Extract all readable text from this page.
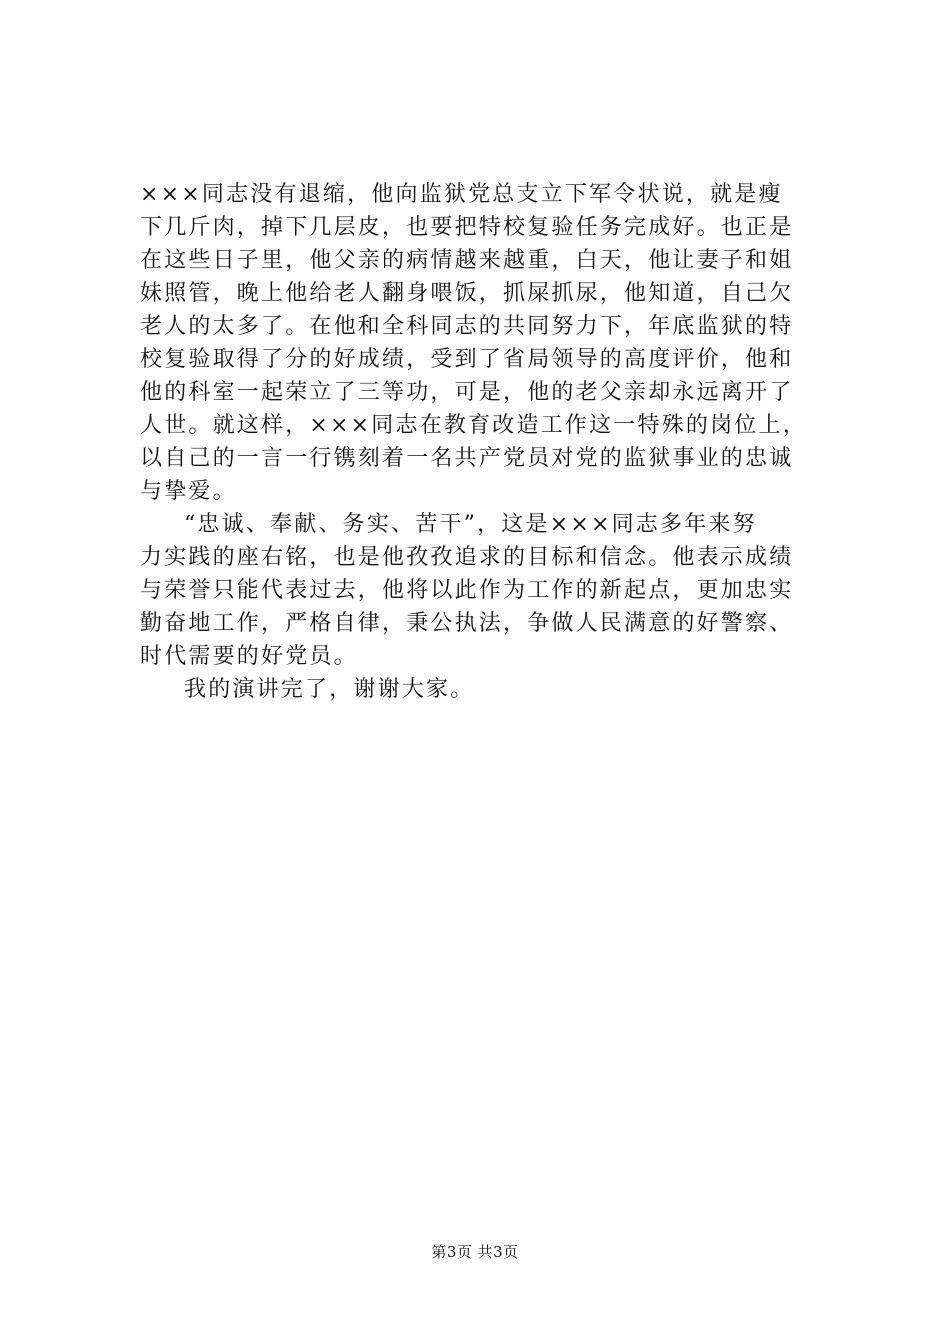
×××同志没有退缩，他向监狱党总支立下军令状说，就是瘦
下几斤肉，掉下几层皮，也要把特校复验任务完成好。也正是
在这些日子里，他父亲的病情越来越重，白天，他让妻子和姐
妹照管，晚上他给老人翻身喂饭，抓屎抓尿，他知道，自己欠
老人的太多了。在他和全科同志的共同努力下，年底监狱的特
校复验取得了分的好成绩，受到了省局领导的高度评价，他和
他的科室一起荣立了三等功，可是，他的老父亲却永远离开了
人世。就这样，×××同志在教育改造工作这一特殊的岗位上，
以自己的一言一行镌刻着一名共产党员对党的监狱事业的忠诚
与挚爱。
“忠诚、奉献、务实、苦干”，这是×××同志多年来努
力实践的座右铭，也是他孜孜追求的目标和信念。他表示成绩
与荣誉只能代表过去，他将以此作为工作的新起点，更加忠实
勤奋地工作，严格自律，秉公执法，争做人民满意的好警察、
时代需要的好党员。
我的演讲完了，谢谢大家。
第3页 共3页
